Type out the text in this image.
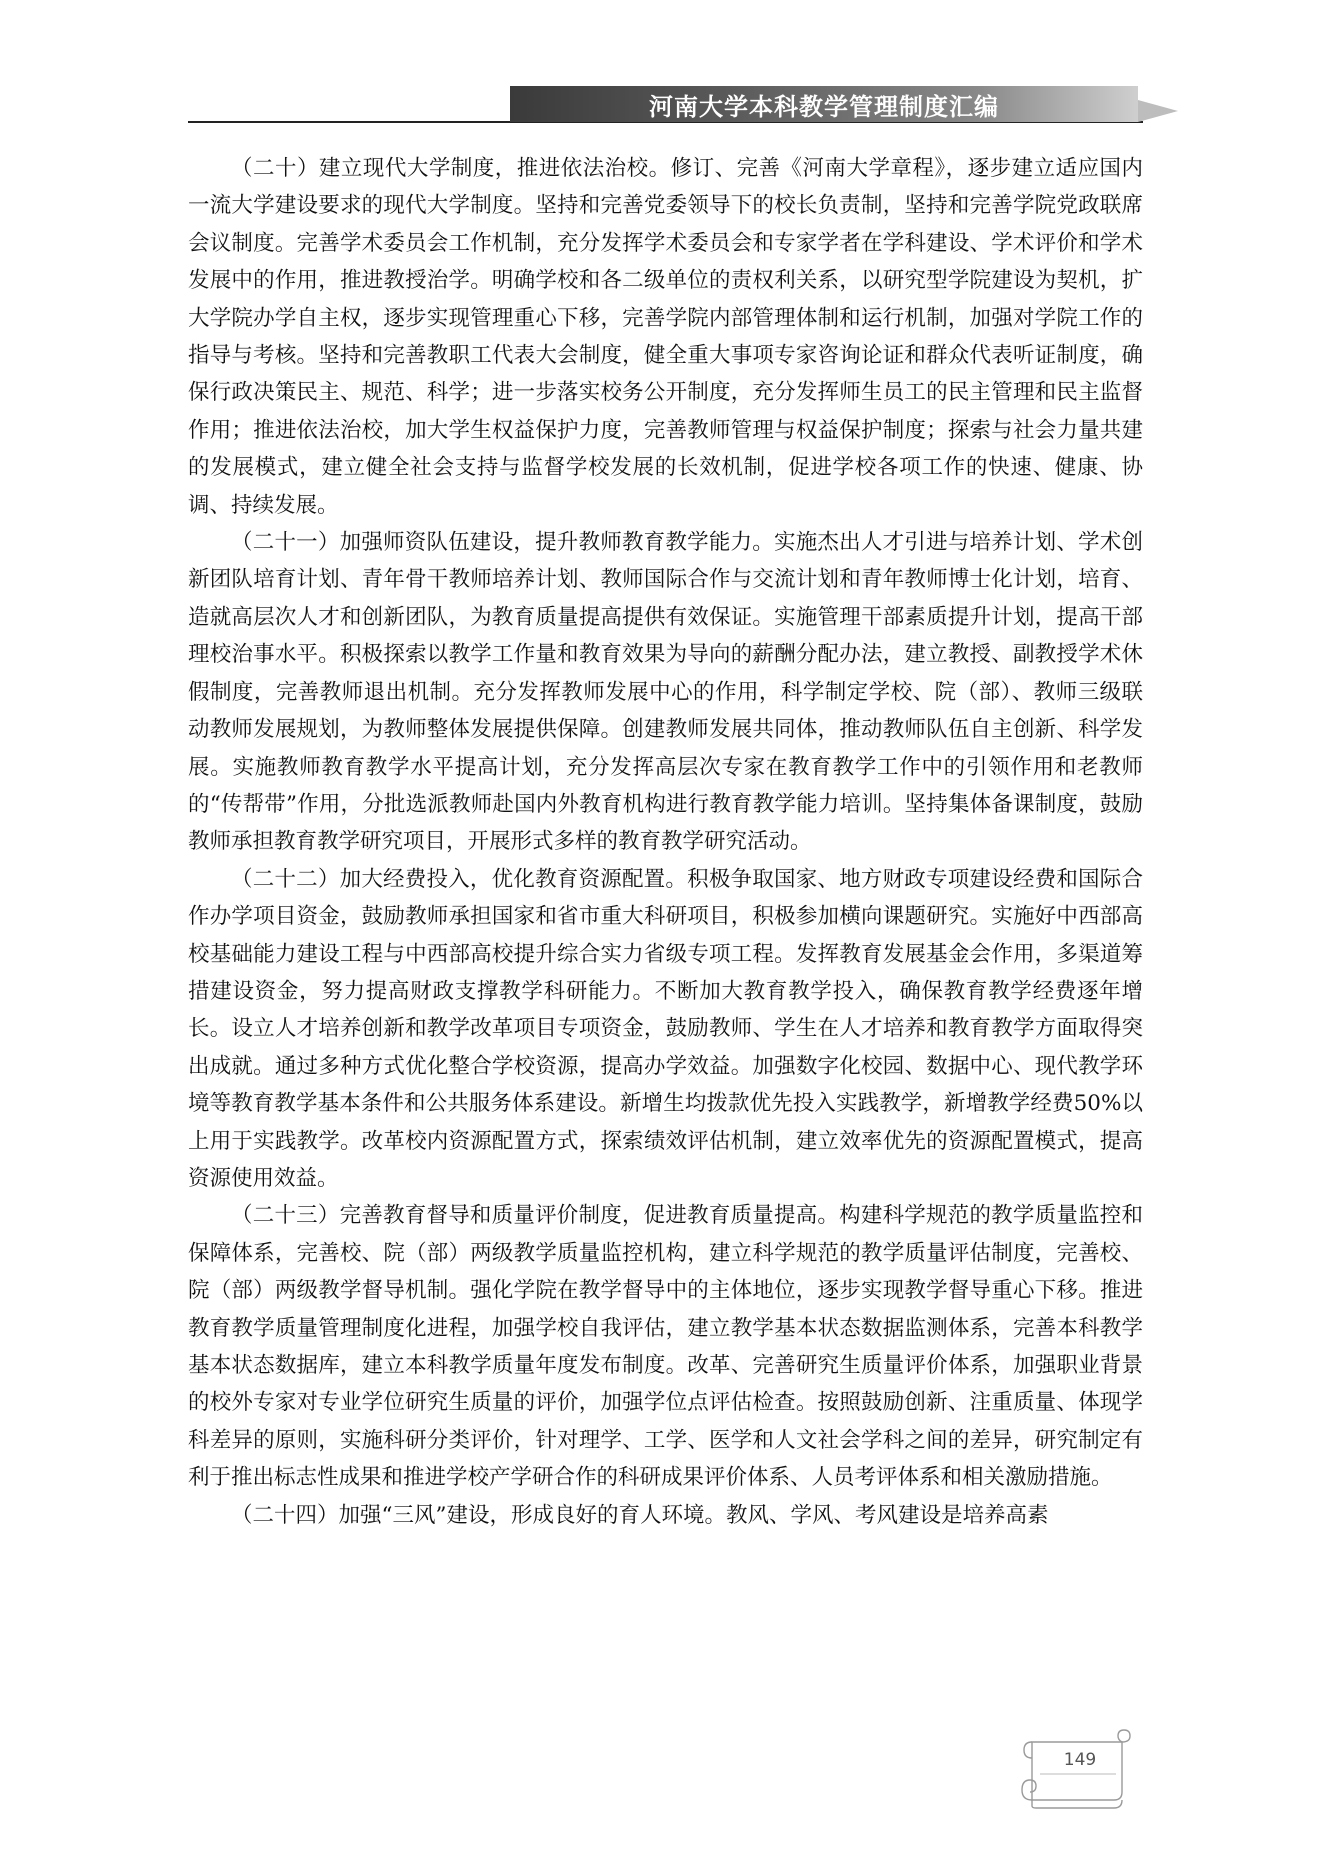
河南大学本科教学管理制度汇编

（二十）建立现代大学制度，推进依法治校。修订、完善《河南大学章程》，逐步建立适应国内一流大学建设要求的现代大学制度。坚持和完善党委领导下的校长负责制，坚持和完善学院党政联席会议制度。完善学术委员会工作机制，充分发挥学术委员会和专家学者在学科建设、学术评价和学术发展中的作用，推进教授治学。明确学校和各二级单位的责权利关系，以研究型学院建设为契机，扩大学院办学自主权，逐步实现管理重心下移，完善学院内部管理体制和运行机制，加强对学院工作的指导与考核。坚持和完善教职工代表大会制度，健全重大事项专家咨询论证和群众代表听证制度，确保行政决策民主、规范、科学；进一步落实校务公开制度，充分发挥师生员工的民主管理和民主监督作用；推进依法治校，加大学生权益保护力度，完善教师管理与权益保护制度；探索与社会力量共建的发展模式，建立健全社会支持与监督学校发展的长效机制，促进学校各项工作的快速、健康、协调、持续发展。

（二十一）加强师资队伍建设，提升教师教育教学能力。实施杰出人才引进与培养计划、学术创新团队培育计划、青年骨干教师培养计划、教师国际合作与交流计划和青年教师博士化计划，培育、造就高层次人才和创新团队，为教育质量提高提供有效保证。实施管理干部素质提升计划，提高干部理校治事水平。积极探索以教学工作量和教育效果为导向的薪酬分配办法，建立教授、副教授学术休假制度，完善教师退出机制。充分发挥教师发展中心的作用，科学制定学校、院（部）、教师三级联动教师发展规划，为教师整体发展提供保障。创建教师发展共同体，推动教师队伍自主创新、科学发展。实施教师教育教学水平提高计划，充分发挥高层次专家在教育教学工作中的引领作用和老教师的“传帮带”作用，分批选派教师赴国内外教育机构进行教育教学能力培训。坚持集体备课制度，鼓励教师承担教育教学研究项目，开展形式多样的教育教学研究活动。

（二十二）加大经费投入，优化教育资源配置。积极争取国家、地方财政专项建设经费和国际合作办学项目资金，鼓励教师承担国家和省市重大科研项目，积极参加横向课题研究。实施好中西部高校基础能力建设工程与中西部高校提升综合实力省级专项工程。发挥教育发展基金会作用，多渠道筹措建设资金，努力提高财政支撑教学科研能力。不断加大教育教学投入，确保教育教学经费逐年增长。设立人才培养创新和教学改革项目专项资金，鼓励教师、学生在人才培养和教育教学方面取得突出成就。通过多种方式优化整合学校资源，提高办学效益。加强数字化校园、数据中心、现代教学环境等教育教学基本条件和公共服务体系建设。新增生均拨款优先投入实践教学，新增教学经费50%以上用于实践教学。改革校内资源配置方式，探索绩效评估机制，建立效率优先的资源配置模式，提高资源使用效益。

（二十三）完善教育督导和质量评价制度，促进教育质量提高。构建科学规范的教学质量监控和保障体系，完善校、院（部）两级教学质量监控机构，建立科学规范的教学质量评估制度，完善校、院（部）两级教学督导机制。强化学院在教学督导中的主体地位，逐步实现教学督导重心下移。推进教育教学质量管理制度化进程，加强学校自我评估，建立教学基本状态数据监测体系，完善本科教学基本状态数据库，建立本科教学质量年度发布制度。改革、完善研究生质量评价体系，加强职业背景的校外专家对专业学位研究生质量的评价，加强学位点评估检查。按照鼓励创新、注重质量、体现学科差异的原则，实施科研分类评价，针对理学、工学、医学和人文社会学科之间的差异，研究制定有利于推出标志性成果和推进学校产学研合作的科研成果评价体系、人员考评体系和相关激励措施。

（二十四）加强“三风”建设，形成良好的育人环境。教风、学风、考风建设是培养高素

149
